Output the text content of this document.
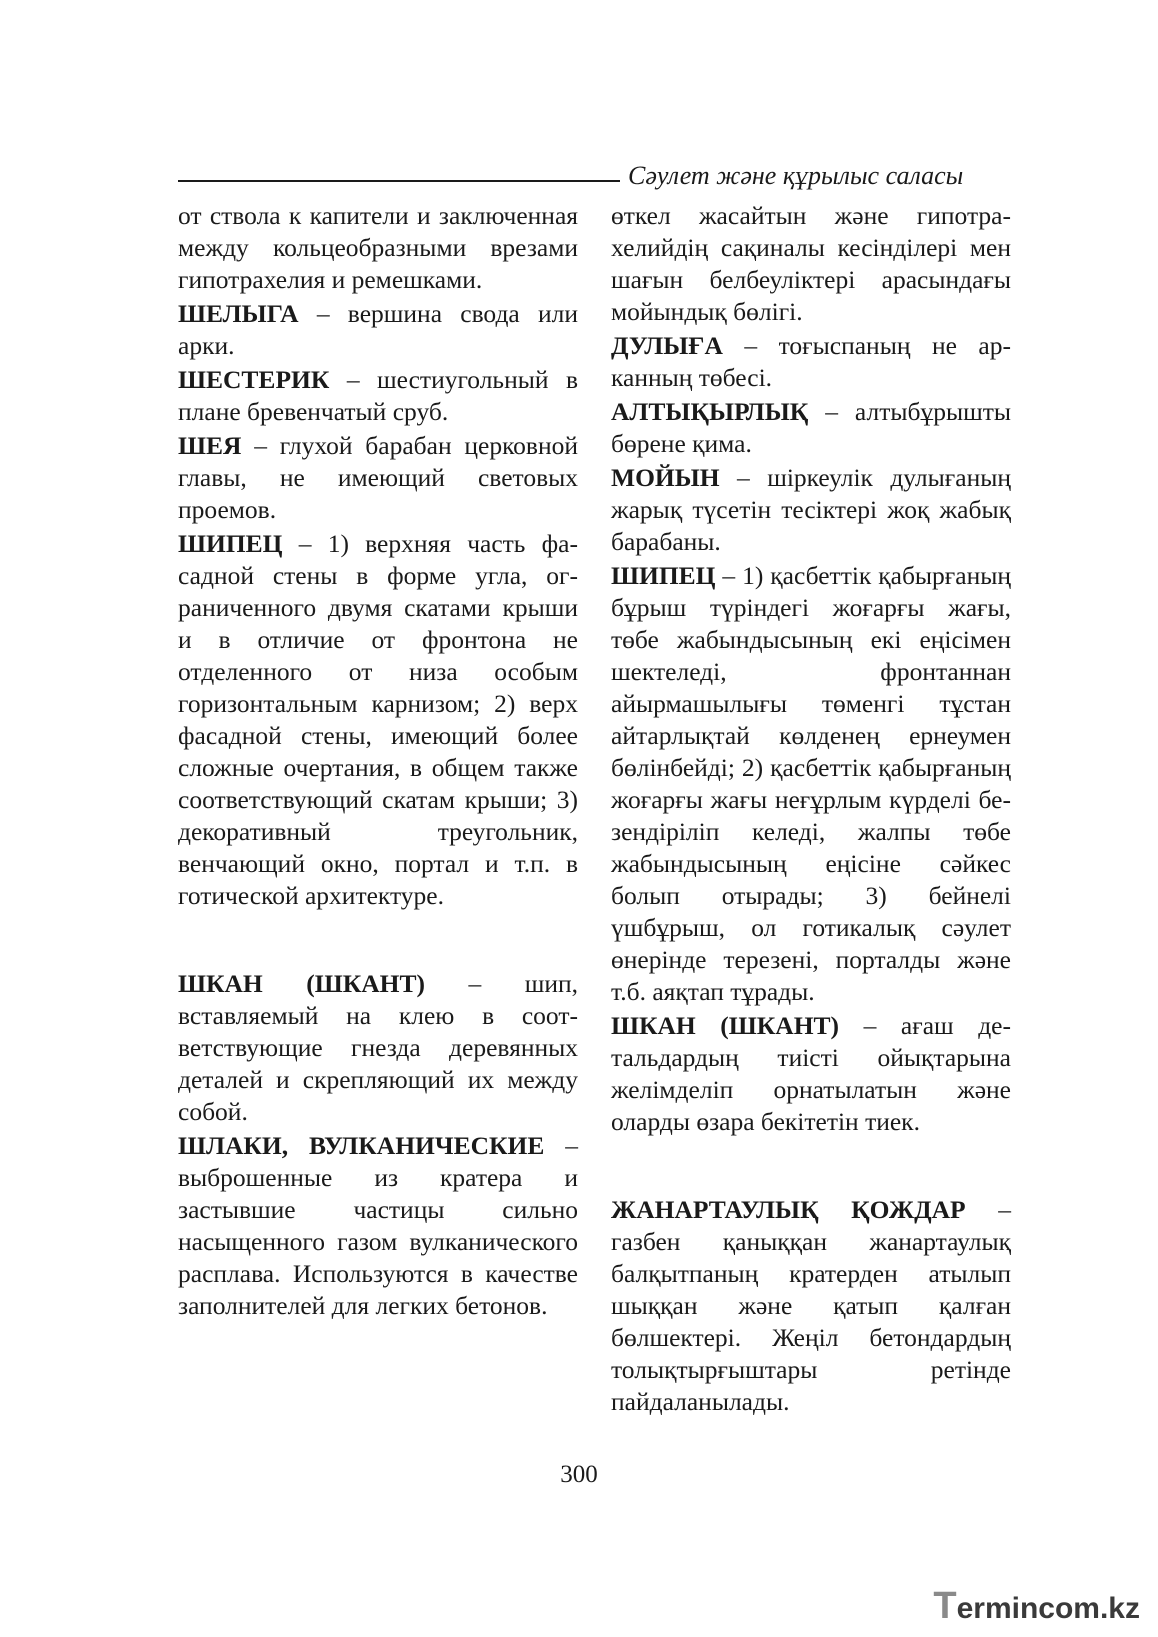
Сәулет және құрылыс саласы

от ствола к капители и заключенная между кольцеобразными врезами гипотрахелия и ремешками.

ШЕЛЫГА – вершина свода или арки.

ШЕСТЕРИК – шестиугольный в плане бревенчатый сруб.

ШЕЯ – глухой барабан церковной главы, не имеющий световых проемов.

ШИПЕЦ – 1) верхняя часть фасадной стены в форме угла, ограниченного двумя скатами крыши и в отличие от фронтона не отделенного от низа особым горизонтальным карнизом; 2) верх фасадной стены, имеющий более сложные очертания, в общем также соответствующий скатам крыши; 3) декоративный треугольник, венчающий окно, портал и т.п. в готической архитектуре.

ШКАН (ШКАНТ) – шип, вставляемый на клею в соответствующие гнезда деревянных деталей и скрепляющий их между собой.

ШЛАКИ, ВУЛКАНИЧЕСКИЕ – выброшенные из кратера и застывшие частицы сильно насыщенного газом вулканического расплава. Используются в качестве заполнителей для легких бетонов.

өткел жасайтын және гипотрахелийдің сақиналы кесінділері мен шағын белбеуліктері арасындағы мойындық бөлігі.

ДУЛЫҒА – тоғыспаның не арканның төбесі.

АЛТЫҚЫРЛЫҚ – алтыбұрышты бөрене қима.

МОЙЫН – шіркеулік дулығаның жарық түсетін тесіктері жоқ жабық барабаны.

ШИПЕЦ – 1) қасбеттік қабырғаның бұрыш түріндегі жоғарғы жағы, төбе жабындысының екі еңісімен шектеледі, фронтаннан айырмашылығы төменгі тұстан айтарлықтай көлденең ернеумен бөлінбейді; 2) қасбеттік қабырғаның жоғарғы жағы неғұрлым күрделі безендіріліп келеді, жалпы төбе жабындысының еңісіне сәйкес болып отырады; 3) бейнелі үшбұрыш, ол готикалық сәулет өнерінде терезені, порталды және т.б. аяқтап тұрады.

ШКАН (ШКАНТ) – ағаш детальдардың тиісті ойықтарына желімделіп орнатылатын және оларды өзара бекітетін тиек.

ЖАНАРТАУЛЫҚ ҚОЖДАР – газбен қаныққан жанартаулық балқытпаның кратерден атылып шыққан және қатып қалған бөлшектері. Жеңіл бетондардың толықтырғыштары ретінде пайдаланылады.

300
Termincom.kz
